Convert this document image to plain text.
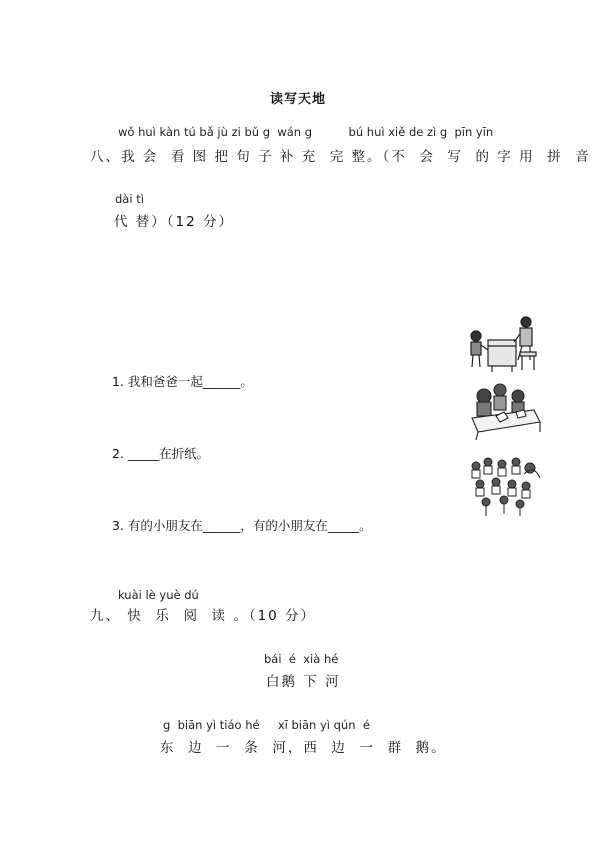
读写天地
wǒ huì kàn tú bǎ jù zi bǔ g  wán g          bú huì xiě de zì g  pīn yīn
八、我 会  看 图 把 句 子 补 充  完 整。（不  会  写  的 字 用  拼  音
dài tì
代 替）（12 分）
1. 我和爸爸一起______。
2. _____在折纸。
3. 有的小朋友在______，有的小朋友在_____。
kuài lè yuè dú
九、 快  乐  阅  读 。（10 分）
bái  é  xià hé
白鹅 下 河
g  biān yì tiáo hé     xī biān yì qún  é
东  边  一  条  河，西  边  一  群  鹅。
